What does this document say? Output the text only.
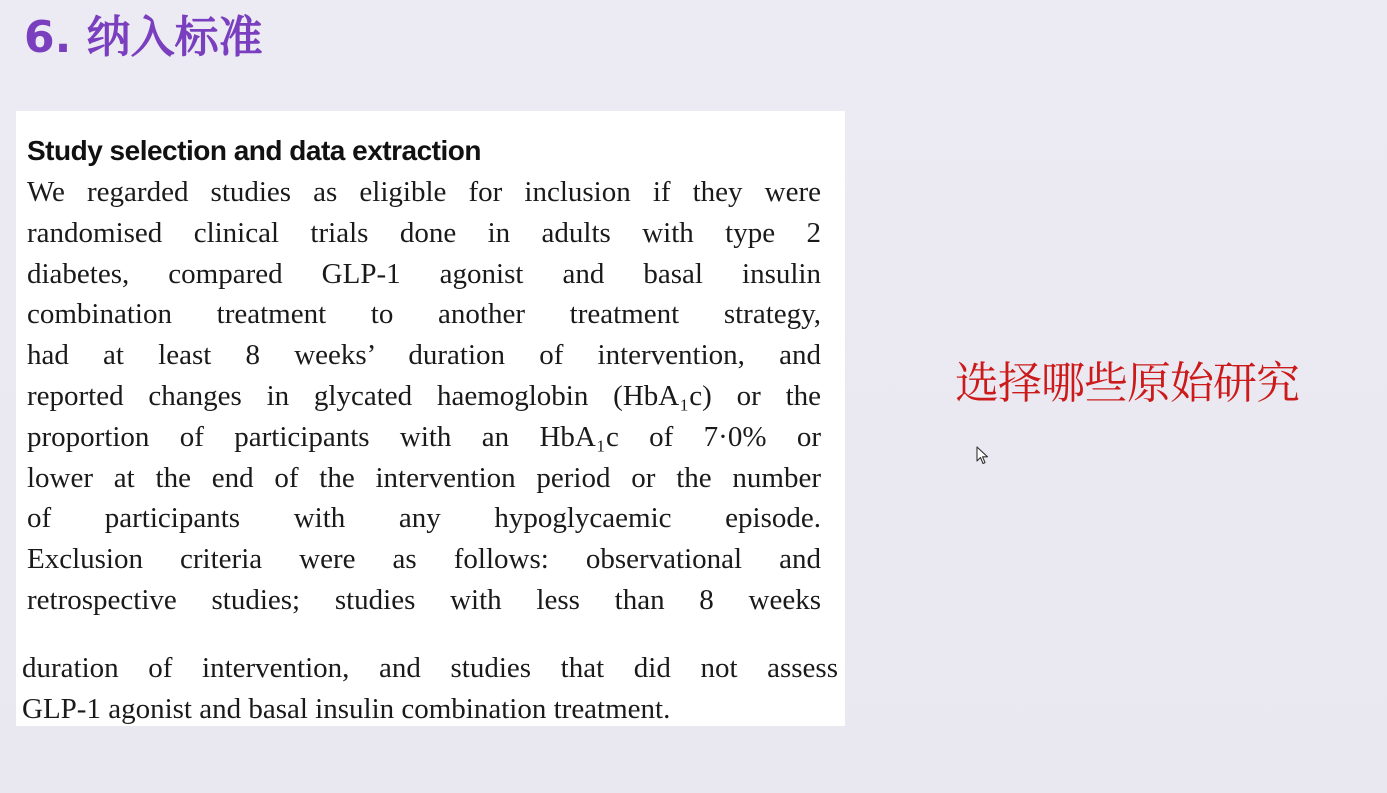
6. 纳入标准
Study selection and data extraction
We regarded studies as eligible for inclusion if they were
randomised clinical trials done in adults with type 2
diabetes, compared GLP-1 agonist and basal insulin
combination treatment to another treatment strategy,
had at least 8 weeks’ duration of intervention, and
reported changes in glycated haemoglobin (HbA₁c) or the
proportion of participants with an HbA₁c of 7·0% or
lower at the end of the intervention period or the number
of participants with any hypoglycaemic episode.
Exclusion criteria were as follows: observational and
retrospective studies; studies with less than 8 weeks
duration of intervention, and studies that did not assess
GLP-1 agonist and basal insulin combination treatment.
选择哪些原始研究
